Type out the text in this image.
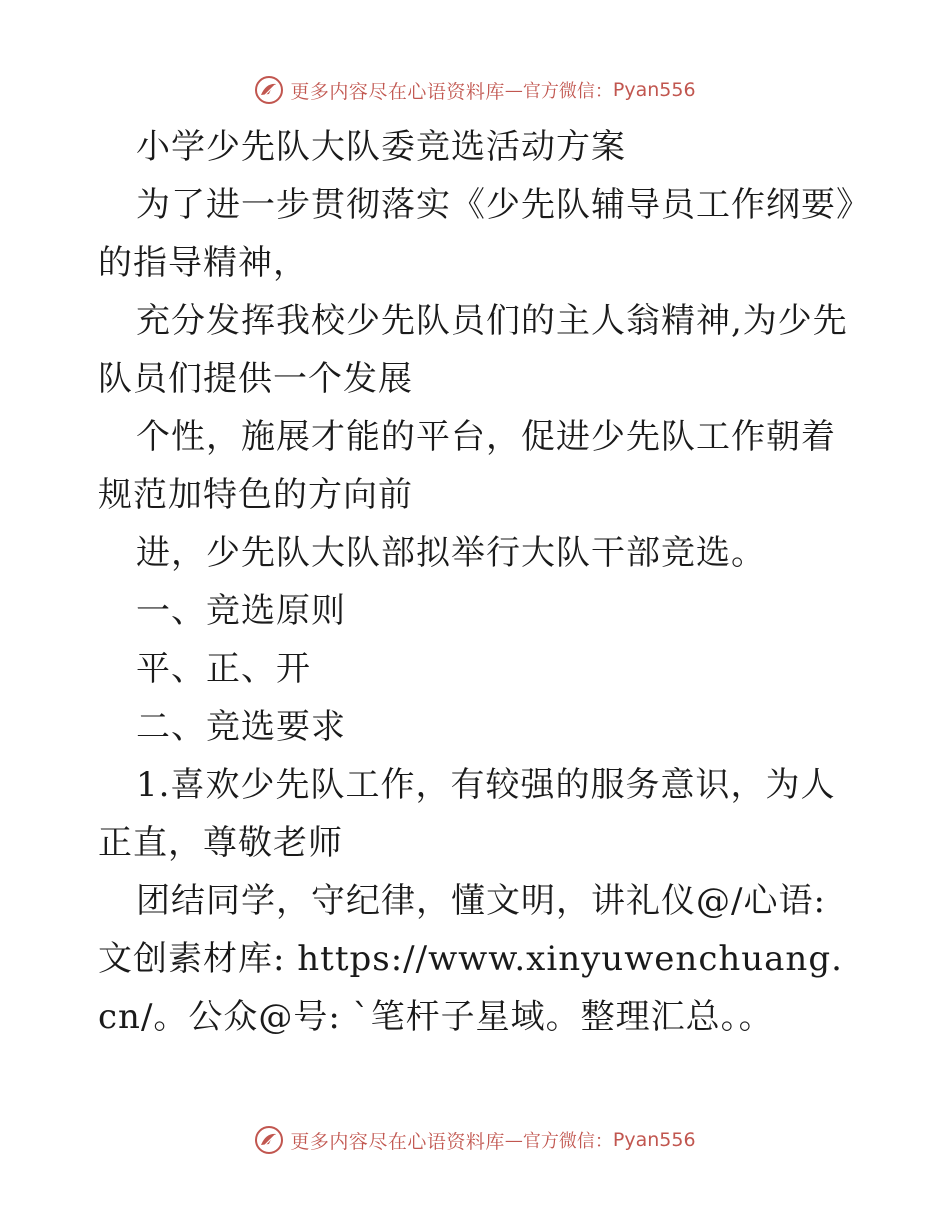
更多内容尽在心语资料库 — 官方微信： Pyan556

小学少先队大队委竞选活动方案

为了进一步贯彻落实《少先队辅导员工作纲要》的指导精神，

充分发挥我校少先队员们的主人翁精神,为少先队员们提供一个发展

个性，施展才能的平台，促进少先队工作朝着规范加特色的方向前

进，少先队大队部拟举行大队干部竞选。

一、竞选原则

平、正、开

二、竞选要求

1.喜欢少先队工作，有较强的服务意识，为人正直，尊敬老师

团结同学，守纪律，懂文明，讲礼仪@/心语:文创素材库: https://www.xinyuwenchuang.cn/。公众@号: `笔杆子星域。整理汇总。。

更多内容尽在心语资料库 — 官方微信： Pyan556
